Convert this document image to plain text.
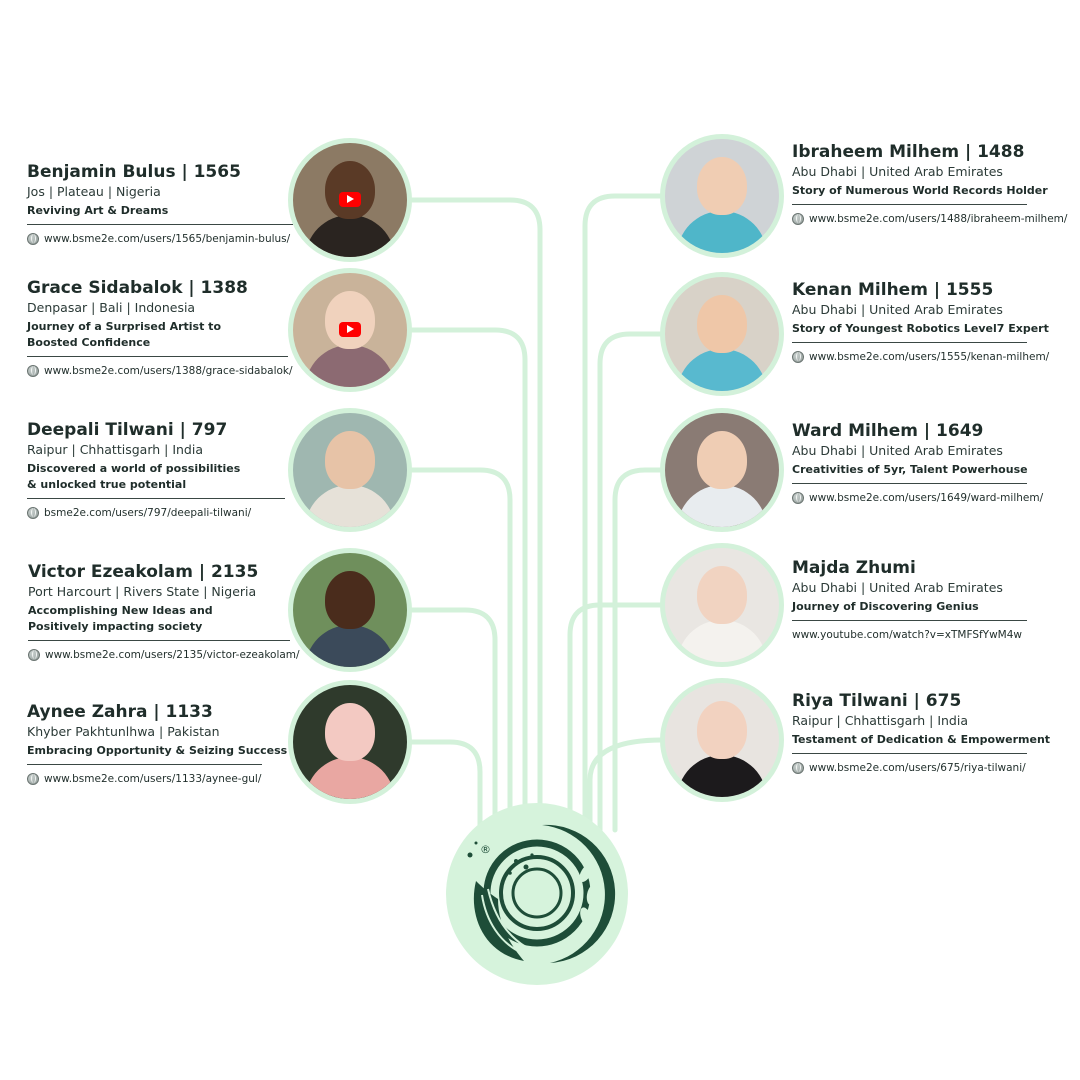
Benjamin Bulus | 1565
Jos | Plateau | Nigeria
Reviving Art & Dreams
www.bsme2e.com/users/1565/benjamin-bulus/
Grace Sidabalok | 1388
Denpasar | Bali | Indonesia
Journey of a Surprised Artist to
Boosted Confidence
www.bsme2e.com/users/1388/grace-sidabalok/
Deepali Tilwani | 797
Raipur | Chhattisgarh | India
Discovered a world of possibilities
& unlocked true potential
bsme2e.com/users/797/deepali-tilwani/
Victor Ezeakolam | 2135
Port Harcourt | Rivers State | Nigeria
Accomplishing New Ideas and
Positively impacting society
www.bsme2e.com/users/2135/victor-ezeakolam/
Aynee Zahra | 1133
Khyber Pakhtunlhwa | Pakistan
Embracing Opportunity & Seizing Success
www.bsme2e.com/users/1133/aynee-gul/
Ibraheem Milhem | 1488
Abu Dhabi | United Arab Emirates
Story of Numerous World Records Holder
www.bsme2e.com/users/1488/ibraheem-milhem/
Kenan Milhem | 1555
Abu Dhabi | United Arab Emirates
Story of Youngest Robotics Level7 Expert
www.bsme2e.com/users/1555/kenan-milhem/
Ward Milhem | 1649
Abu Dhabi | United Arab Emirates
Creativities of 5yr, Talent Powerhouse
www.bsme2e.com/users/1649/ward-milhem/
Majda Zhumi
Abu Dhabi | United Arab Emirates
Journey of Discovering Genius
www.youtube.com/watch?v=xTMFSfYwM4w
Riya Tilwani | 675
Raipur | Chhattisgarh | India
Testament of Dedication & Empowerment
www.bsme2e.com/users/675/riya-tilwani/
®
